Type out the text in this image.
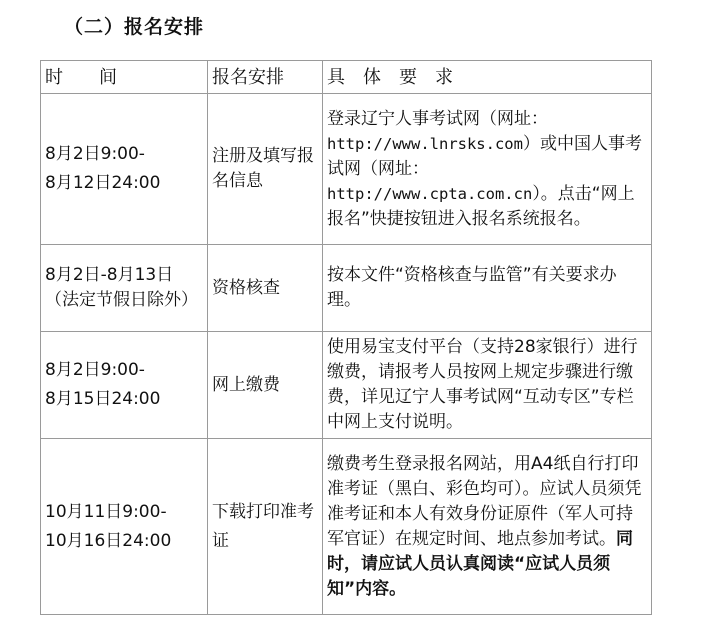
（二）报名安排
时　　间	报名安排	具　体　要　求

8月2日9:00-
8月12日24:00	注册及填写报名信息	登录辽宁人事考试网（网址：http://www.lnrsks.com）或中国人事考试网（网址：http://www.cpta.com.cn）。点击“网上报名”快捷按钮进入报名系统报名。

8月2日-8月13日
（法定节假日除外）	资格核查	按本文件“资格核查与监管”有关要求办理。

8月2日9:00-
8月15日24:00	网上缴费	使用易宝支付平台（支持28家银行）进行缴费，请报考人员按网上规定步骤进行缴费，详见辽宁人事考试网“互动专区”专栏中网上支付说明。

10月11日9:00-
10月16日24:00	下载打印准考证	缴费考生登录报名网站，用A4纸自行打印准考证（黑白、彩色均可）。应试人员须凭准考证和本人有效身份证原件（军人可持军官证）在规定时间、地点参加考试。同时，请应试人员认真阅读“应试人员须知”内容。
